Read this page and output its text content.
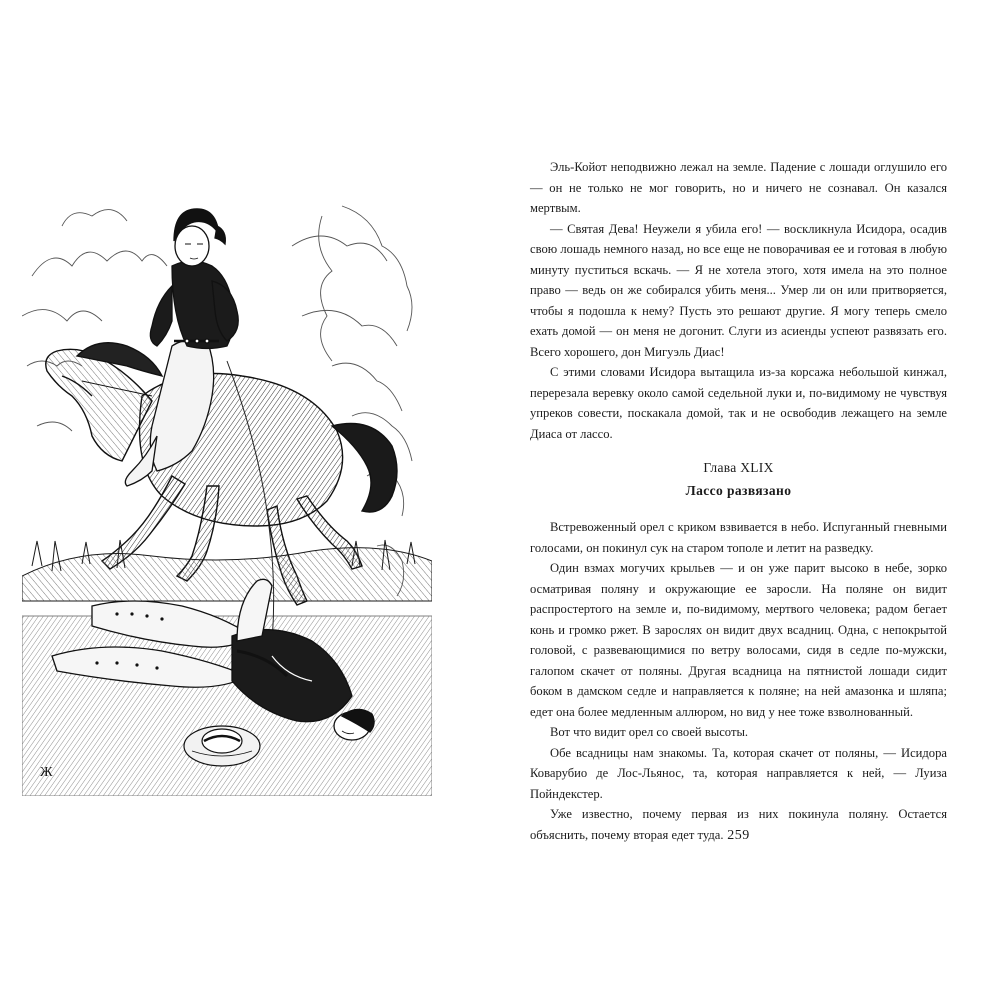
Ж

Эль-Койот неподвижно лежал на земле. Падение с лошади оглушило его — он не только не мог говорить, но и ничего не сознавал. Он казался мертвым.

— Святая Дева! Неужели я убила его! — воскликнула Исидора, осадив свою лошадь немного назад, но все еще не поворачивая ее и готовая в любую минуту пуститься вскачь. — Я не хотела этого, хотя имела на это полное право — ведь он же собирался убить меня... Умер ли он или притворяется, чтобы я подошла к нему? Пусть это решают другие. Я могу теперь смело ехать домой — он меня не догонит. Слуги из асиенды успеют развязать его. Всего хорошего, дон Мигуэль Диас!

С этими словами Исидора вытащила из-за корсажа небольшой кинжал, перерезала веревку около самой седельной луки и, по-видимому не чувствуя упреков совести, поскакала домой, так и не освободив лежащего на земле Диаса от лассо.

Глава XLIX
Лассо развязано

Встревоженный орел с криком взвивается в небо. Испуганный гневными голосами, он покинул сук на старом тополе и летит на разведку.

Один взмах могучих крыльев — и он уже парит высоко в небе, зорко осматривая поляну и окружающие ее заросли. На поляне он видит распростертого на земле и, по-видимому, мертвого человека; радом бегает конь и громко ржет. В зарослях он видит двух всадниц. Одна, с непокрытой головой, с развевающимися по ветру волосами, сидя в седле по-мужски, галопом скачет от поляны. Другая всадница на пятнистой лошади сидит боком в дамском седле и направляется к поляне; на ней амазонка и шляпа; едет она более медленным аллюром, но вид у нее тоже взволнованный.

Вот что видит орел со своей высоты.

Обе всадницы нам знакомы. Та, которая скачет от поляны, — Исидора Коварубио де Лос-Льянос, та, которая направляется к ней, — Луиза Пойндекстер.

Уже известно, почему первая из них покинула поляну. Остается объяснить, почему вторая едет туда. 259
